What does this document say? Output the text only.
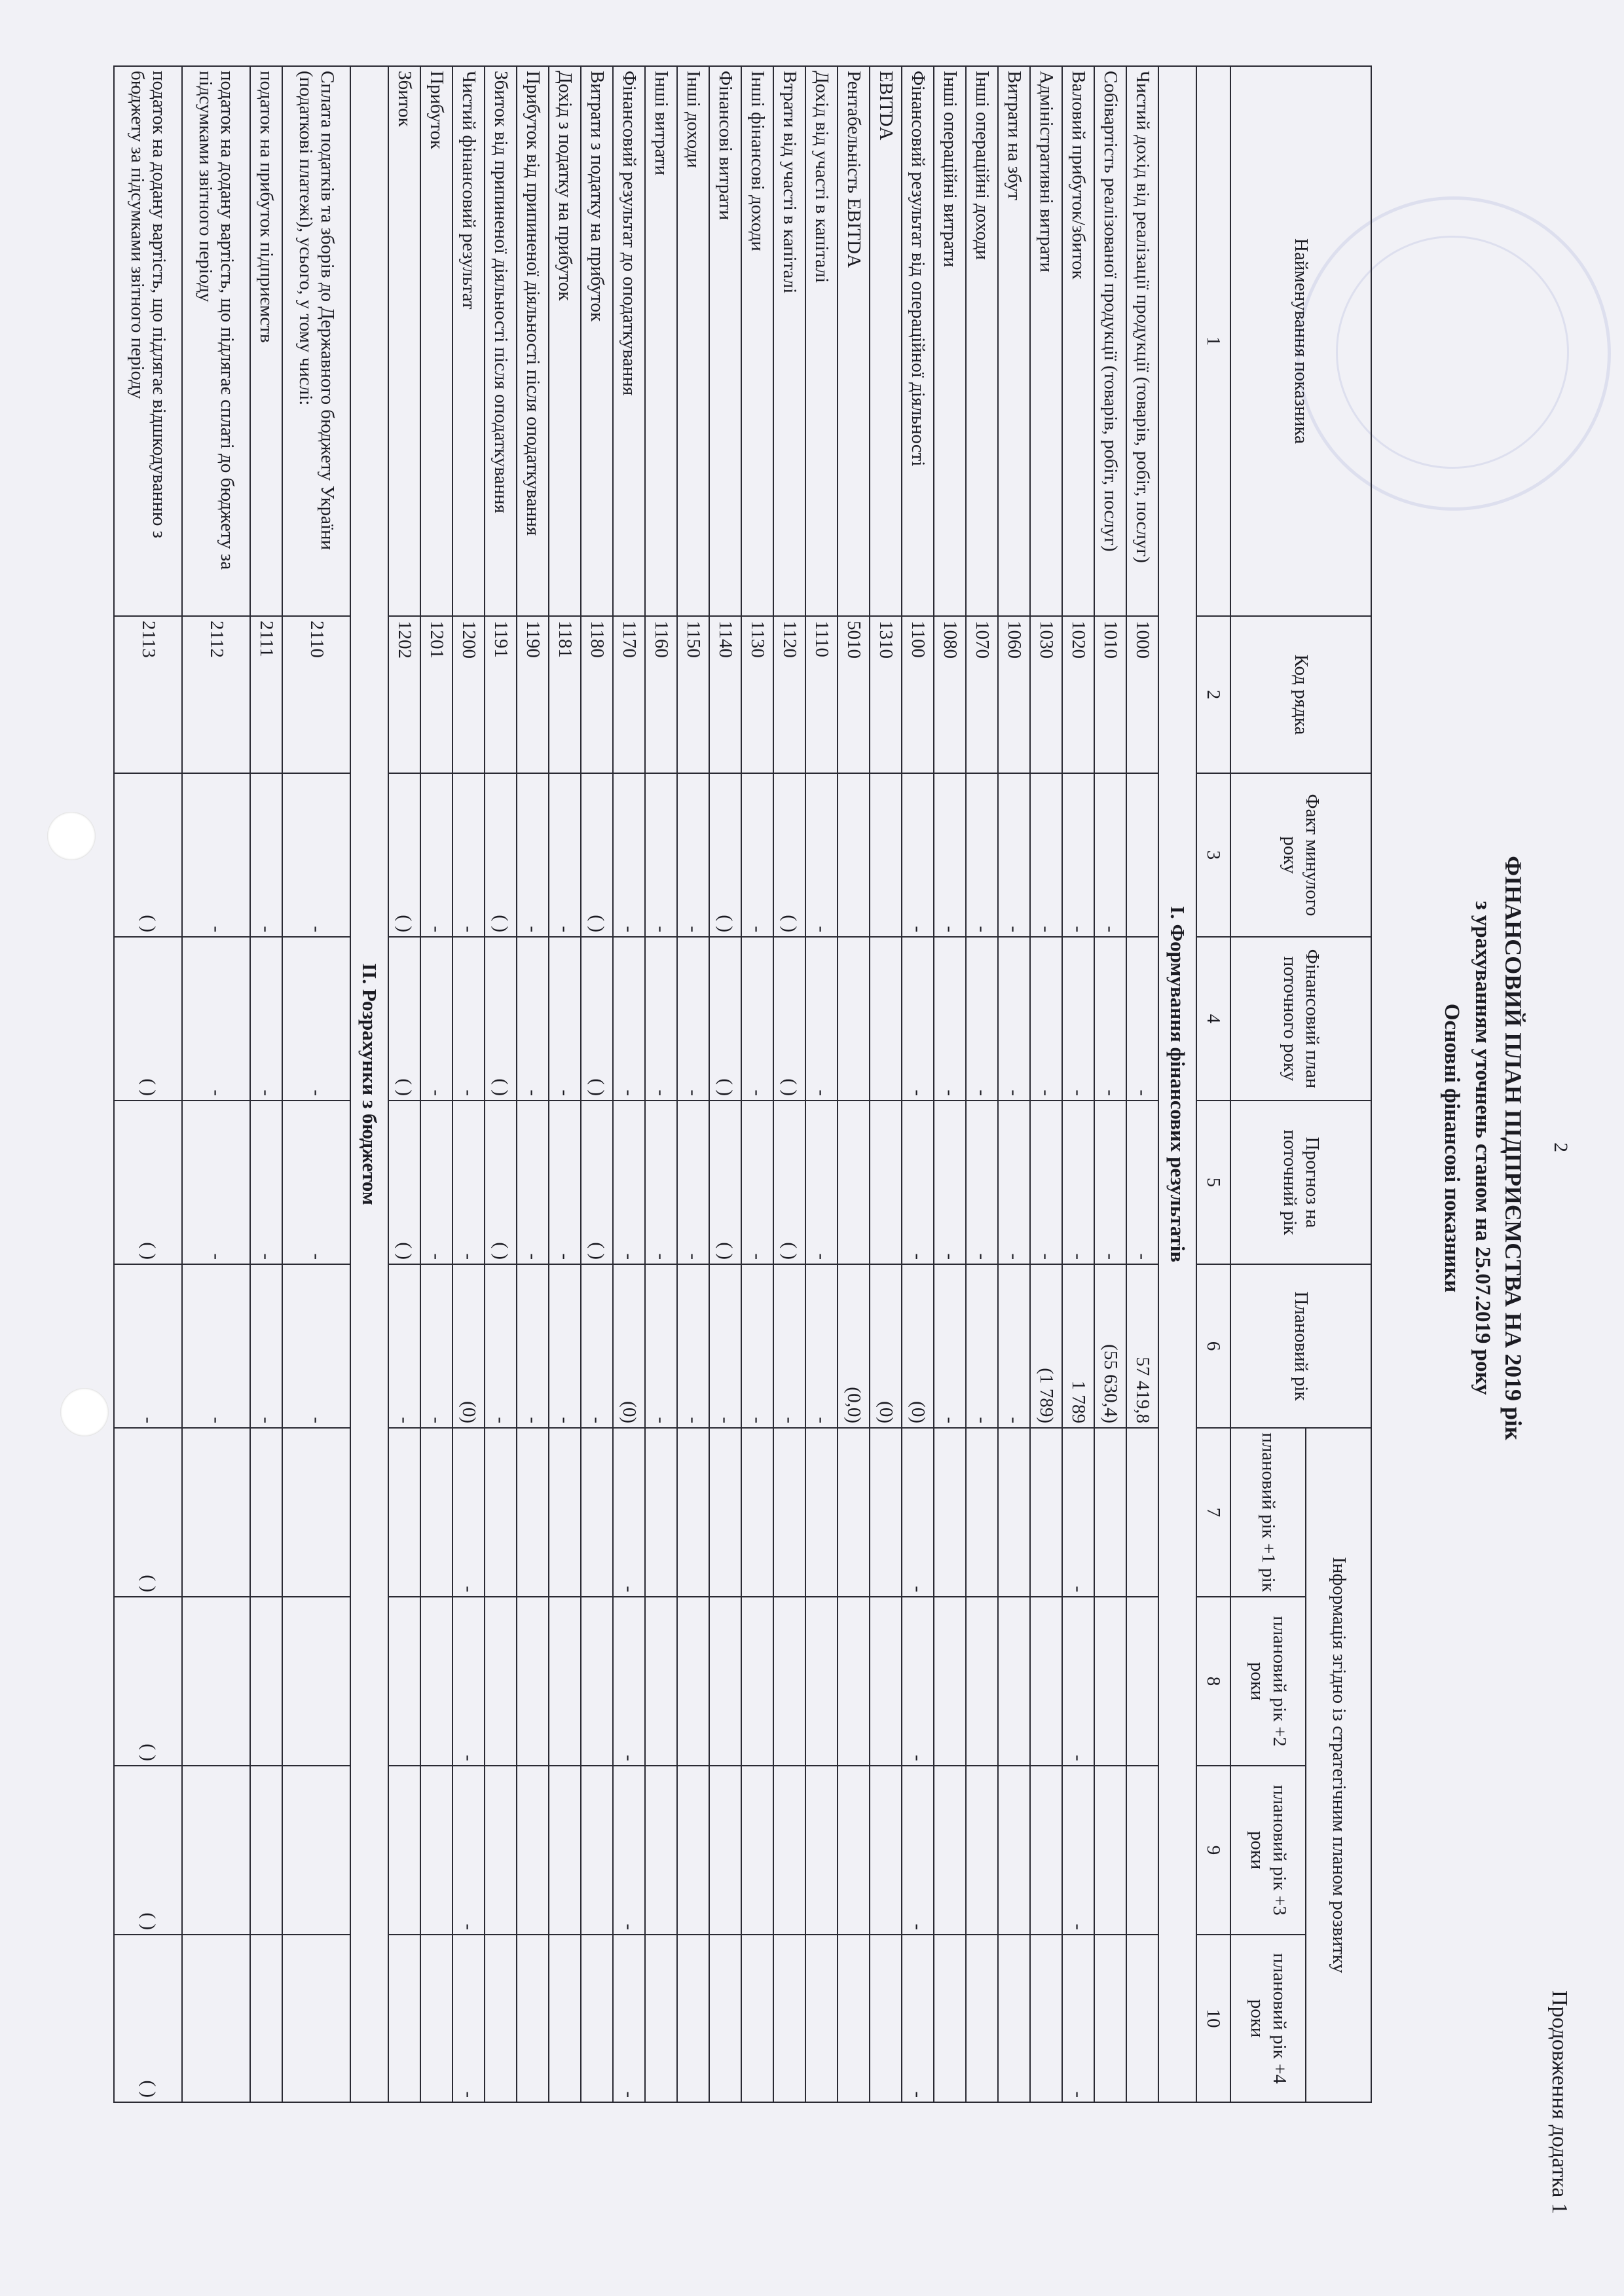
2
Продовження додатка 1
ФІНАНСОВИЙ ПЛАН ПІДПРИЄМСТВА НА 2019 рік
з урахуванням уточнень станом на 25.07.2019 року
Основні фінансові показники
Найменування показника	Код рядка	Факт минулого року	Фінансовий план поточного року	Прогноз на поточний рік	Плановий рік	Інформація згідно із стратегічним планом розвитку			
						плановий рік +1 рік	плановий рік +2 роки	плановий рік +3 роки	плановий рік +4 роки
1	2	3	4	5	6	7	8	9	10
І. Формування фінансових результатів									
Чистий дохід від реалізації продукції (товарів, робіт, послуг)	1000		-	-	57 419,8				
Собівартість реалізованої продукції (товарів, робіт, послуг)	1010	-	-	-	(55 630,4)				
Валовий прибуток/збиток	1020	-	-	-	1 789	-	-	-	-
Адміністративні витрати	1030	-	-	-	(1 789)				
Витрати на збут	1060	-	-	-	-				
Інші операційні доходи	1070	-	-	-	-				
Інші операційні витрати	1080	-	-	-	-				
Фінансовий результат від операційної діяльності	1100	-	-	-	(0)	-	-	-	-
EBITDA	1310				(0)				
Рентабельність EBITDA	5010				(0,0)				
Дохід від участі в капіталі	1110	-	-	-	-				
Втрати від участі в капіталі	1120	( )	( )	( )	-				
Інші фінансові доходи	1130	-	-	-	-				
Фінансові витрати	1140	( )	( )	( )	-				
Інші доходи	1150	-	-	-	-				
Інші витрати	1160	-	-	-	-				
Фінансовий результат до оподаткування	1170	-	-	-	(0)	-	-	-	-
Витрати з податку на прибуток	1180	( )	( )	( )	-				
Дохід з податку на прибуток	1181	-	-	-	-				
Прибуток від припиненої діяльності після оподаткування	1190	-	-	-	-				
Збиток від припиненої діяльності після оподаткування	1191	( )	( )	( )	-				
Чистий фінансовий результат	1200	-	-	-	(0)	-	-	-	-
Прибуток	1201	-	-	-	-				
Збиток	1202	( )	( )	( )	-				
ІІ. Розрахунки з бюджетом									
Сплата податків та зборів до Державного бюджету України (податкові платежі), усього, у тому числі:	2110	-	-	-	-				
податок на прибуток підприємств	2111	-	-	-	-				
податок на додану вартість, що підлягає сплаті до бюджету за підсумками звітного періоду	2112	-	-	-	-				
податок на додану вартість, що підлягає відшкодуванню з бюджету за підсумками звітного періоду	2113	( )	( )	( )	-	( )	( )	( )	( )
